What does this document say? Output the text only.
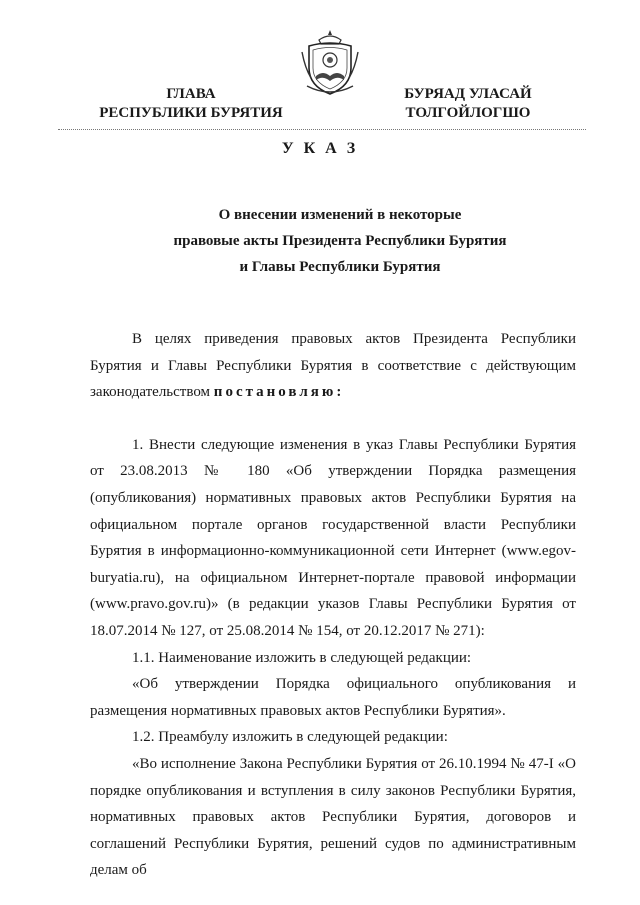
ГЛАВА
РЕСПУБЛИКИ БУРЯТИЯ
БУРЯАД УЛАСАЙ
ТОЛГОЙЛОГШО
У К А З
О внесении изменений в некоторые
правовые акты Президента Республики Бурятия
и Главы Республики Бурятия

В целях приведения правовых актов Президента Республики Бурятия и Главы Республики Бурятия в соответствие с действующим законодательством постановляю:

1. Внести следующие изменения в указ Главы Республики Бурятия от 23.08.2013 № 180 «Об утверждении Порядка размещения (опубликования) нормативных правовых актов Республики Бурятия на официальном портале органов государственной власти Республики Бурятия в информационно-коммуникационной сети Интернет (www.egov-buryatia.ru), на официальном Интернет-портале правовой информации (www.pravo.gov.ru)» (в редакции указов Главы Республики Бурятия от 18.07.2014 № 127, от 25.08.2014 № 154, от 20.12.2017 № 271):

1.1. Наименование изложить в следующей редакции:

«Об утверждении Порядка официального опубликования и размещения нормативных правовых актов Республики Бурятия».

1.2. Преамбулу изложить в следующей редакции:

«Во исполнение Закона Республики Бурятия от 26.10.1994 № 47-I «О порядке опубликования и вступления в силу законов Республики Бурятия, нормативных правовых актов Республики Бурятия, договоров и соглашений Республики Бурятия, решений судов по административным делам об
